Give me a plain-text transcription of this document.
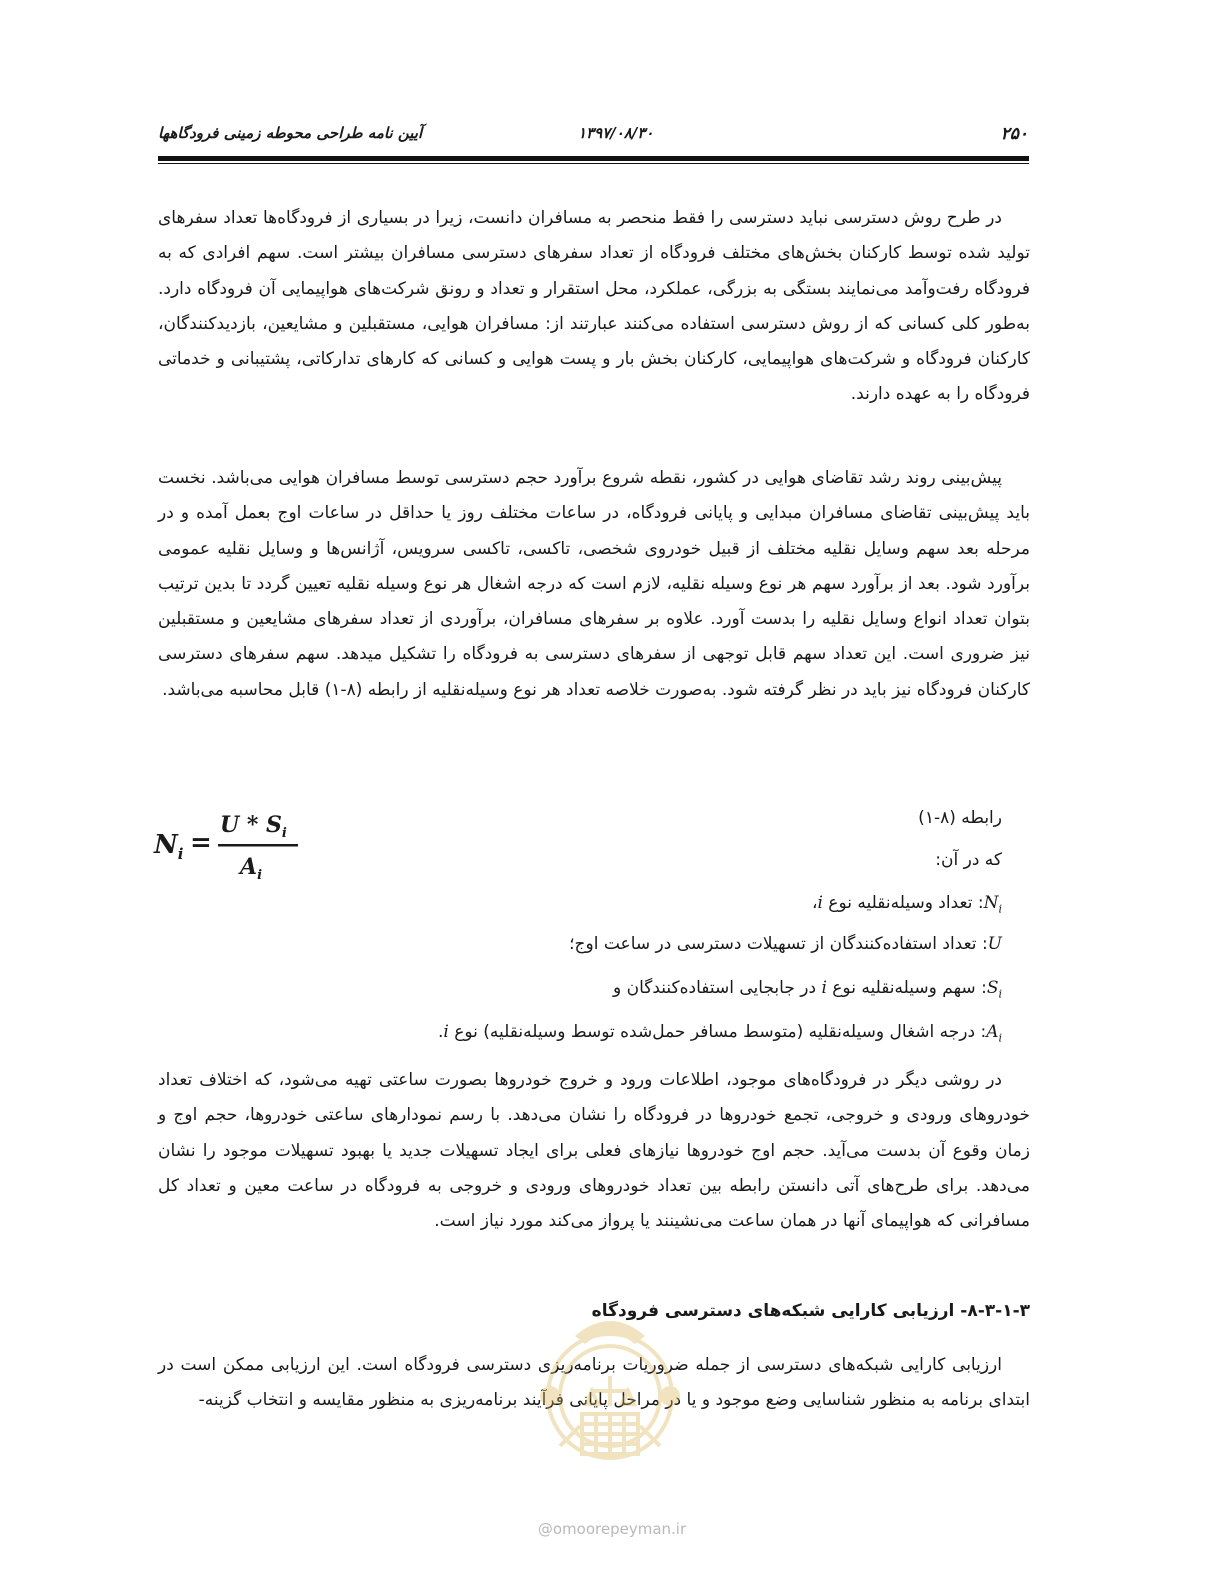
۲۵۰
۱۳۹۷/۰۸/۳۰
آیین نامه طراحی محوطه زمینی فرودگاهها

در طرح روش دسترسی نباید دسترسی را فقط منحصر به مسافران دانست، زیرا در بسیاری از فرودگاه‌ها تعداد سفرهای تولید شده توسط کارکنان بخش‌های مختلف فرودگاه از تعداد سفرهای دسترسی مسافران بیشتر است. سهم افرادی که به فرودگاه رفت‌وآمد می‌نمایند بستگی به بزرگی، عملکرد، محل استقرار و تعداد و رونق شرکت‌های هواپیمایی آن فرودگاه دارد. به‌طور کلی کسانی که از روش دسترسی استفاده می‌کنند عبارتند از: مسافران هوایی، مستقبلین و مشایعین، بازدیدکنندگان، کارکنان فرودگاه و شرکت‌های هواپیمایی، کارکنان بخش بار و پست هوایی و کسانی که کارهای تدارکاتی، پشتیبانی و خدماتی فرودگاه را به عهده دارند.

پیش‌بینی روند رشد تقاضای هوایی در کشور، نقطه شروع برآورد حجم دسترسی توسط مسافران هوایی می‌باشد. نخست باید پیش‌بینی تقاضای مسافران مبدایی و پایانی فرودگاه، در ساعات مختلف روز یا حداقل در ساعات اوج بعمل آمده و در مرحله بعد سهم وسایل نقلیه مختلف از قبیل خودروی شخصی، تاکسی، تاکسی سرویس، آژانس‌ها و وسایل نقلیه عمومی برآورد شود. بعد از برآورد سهم هر نوع وسیله نقلیه، لازم است که درجه اشغال هر نوع وسیله نقلیه تعیین گردد تا بدین ترتیب بتوان تعداد انواع وسایل نقلیه را بدست آورد. علاوه بر سفرهای مسافران، برآوردی از تعداد سفرهای مشایعین و مستقبلین نیز ضروری است. این تعداد سهم قابل توجهی از سفرهای دسترسی به فرودگاه را تشکیل میدهد. سهم سفرهای دسترسی کارکنان فرودگاه نیز باید در نظر گرفته شود. به‌صورت خلاصه تعداد هر نوع وسیله‌نقلیه از رابطه (۸-۱) قابل محاسبه می‌باشد.

رابطه (۸-۱)
که در آن:
$N_i$ =
U * $S_i$
$A_i$
$N_i$: تعداد وسیله‌نقلیه نوع i،
U: تعداد استفاده‌کنندگان از تسهیلات دسترسی در ساعت اوج؛
$S_i$: سهم وسیله‌نقلیه نوع i در جابجایی استفاده‌کنندگان و
$A_i$: درجه اشغال وسیله‌نقلیه (متوسط مسافر حمل‌شده توسط وسیله‌نقلیه) نوع i.

در روشی دیگر در فرودگاه‌های موجود، اطلاعات ورود و خروج خودروها بصورت ساعتی تهیه می‌شود، که اختلاف تعداد خودروهای ورودی و خروجی، تجمع خودروها در فرودگاه را نشان می‌دهد. با رسم نمودارهای ساعتی خودروها، حجم اوج و زمان وقوع آن بدست می‌آید. حجم اوج خودروها نیازهای فعلی برای ایجاد تسهیلات جدید یا بهبود تسهیلات موجود را نشان می‌دهد. برای طرح‌های آتی دانستن رابطه بین تعداد خودروهای ورودی و خروجی به فرودگاه در ساعت معین و تعداد کل مسافرانی که هواپیمای آنها در همان ساعت می‌نشینند یا پرواز می‌کند مورد نیاز است.

۸-۳-۱-۳- ارزیابی کارایی شبکه‌های دسترسی فرودگاه

ارزیابی کارایی شبکه‌های دسترسی از جمله ضروریات برنامه‌ریزی دسترسی فرودگاه است. این ارزیابی ممکن است در ابتدای برنامه به منظور شناسایی وضع موجود و یا در مراحل پایانی فرآیند برنامه‌ریزی به منظور مقایسه و انتخاب گزینه-

@omoorepeyman.ir
